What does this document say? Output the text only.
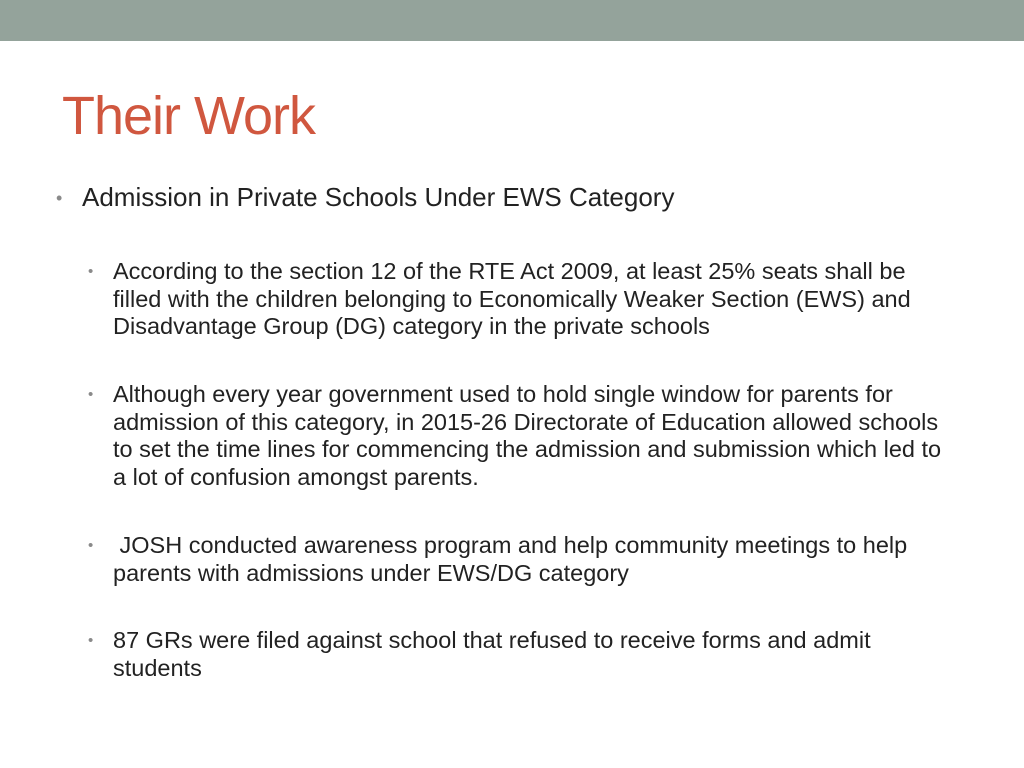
Their Work
• Admission in Private Schools Under EWS Category
• According to the section 12 of the RTE Act 2009, at least 25% seats shall be filled with the children belonging to Economically Weaker Section (EWS) and Disadvantage Group (DG) category in the private schools
• Although every year government used to hold single window for parents for admission of this category, in 2015-26 Directorate of Education allowed schools to set the time lines for commencing the admission and submission which led to a lot of confusion amongst parents.
• JOSH conducted awareness program and help community meetings to help parents with admissions under EWS/DG category
• 87 GRs were filed against school that refused to receive forms and admit students
